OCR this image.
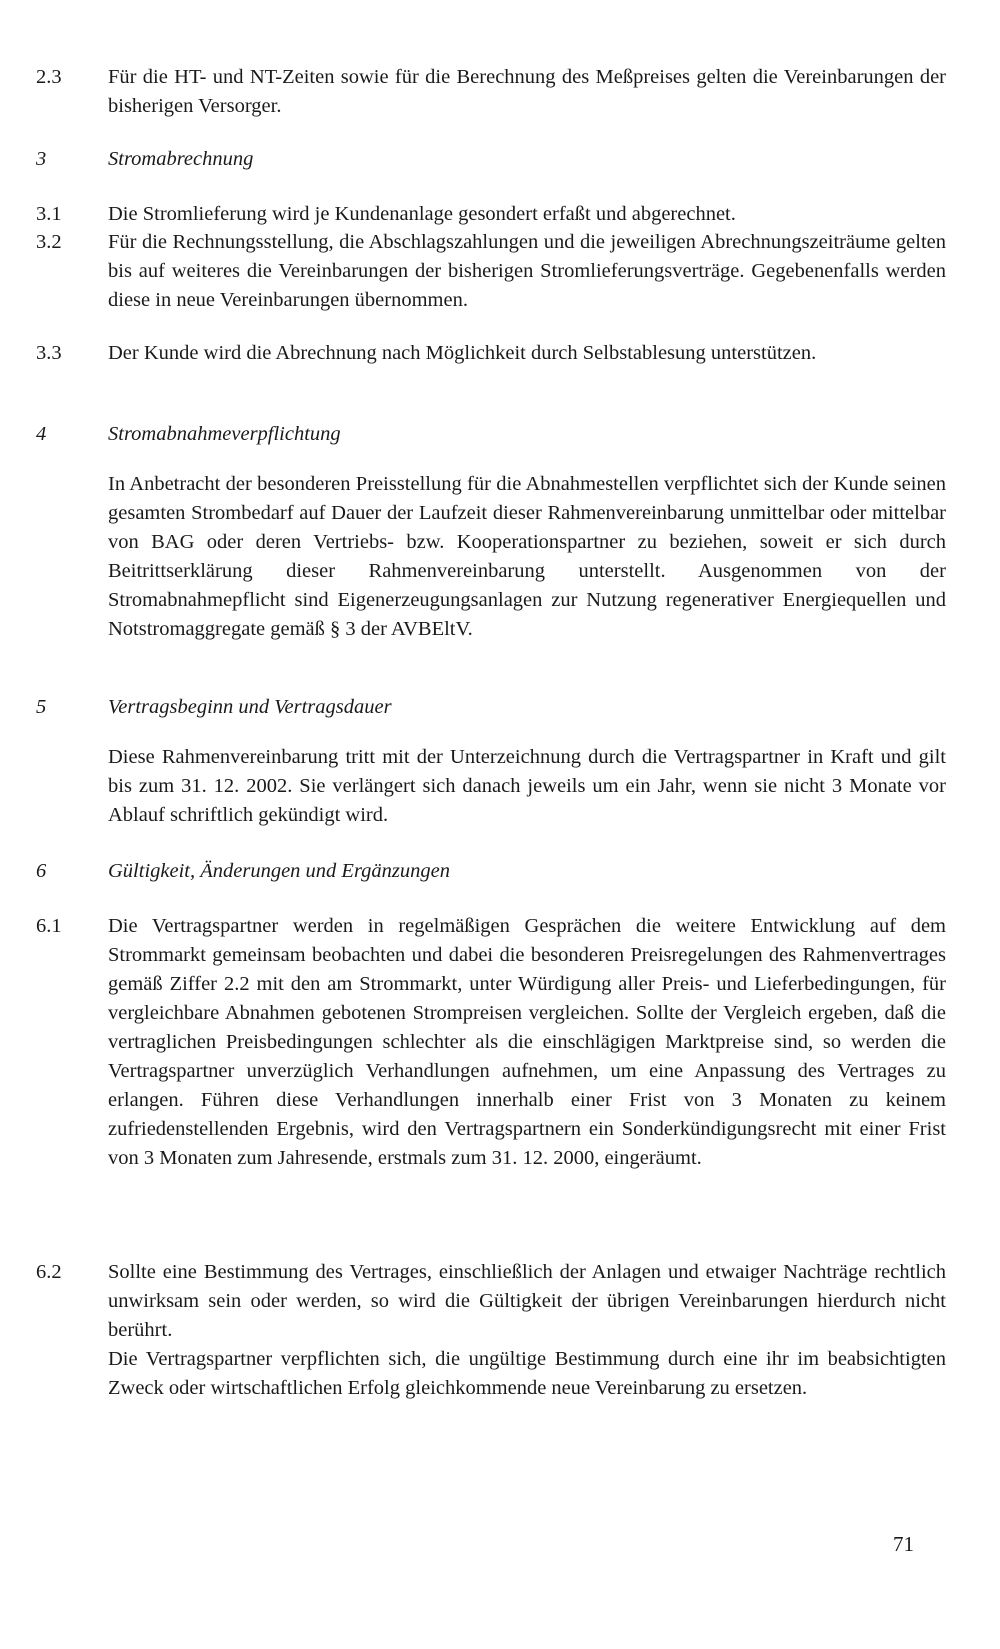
2.3	Für die HT- und NT-Zeiten sowie für die Berechnung des Meßpreises gelten die Vereinbarungen der bisherigen Versorger.
3	Stromabrechnung
3.1	Die Stromlieferung wird je Kundenanlage gesondert erfaßt und abgerechnet.
3.2	Für die Rechnungsstellung, die Abschlagszahlungen und die jeweiligen Abrechnungszeiträume gelten bis auf weiteres die Vereinbarungen der bisherigen Stromlieferungsverträge. Gegebenenfalls werden diese in neue Vereinbarungen übernommen.
3.3	Der Kunde wird die Abrechnung nach Möglichkeit durch Selbstablesung unterstützen.
4	Stromabnahmeverpflichtung
In Anbetracht der besonderen Preisstellung für die Abnahmestellen verpflichtet sich der Kunde seinen gesamten Strombedarf auf Dauer der Laufzeit dieser Rahmenvereinbarung unmittelbar oder mittelbar von BAG oder deren Vertriebs- bzw. Kooperationspartner zu beziehen, soweit er sich durch Beitrittserklärung dieser Rahmenvereinbarung unterstellt. Ausgenommen von der Stromabnahmepflicht sind Eigenerzeugungsanlagen zur Nutzung regenerativer Energiequellen und Notstromaggregate gemäß § 3 der AVBEltV.
5	Vertragsbeginn und Vertragsdauer
Diese Rahmenvereinbarung tritt mit der Unterzeichnung durch die Vertragspartner in Kraft und gilt bis zum 31. 12. 2002. Sie verlängert sich danach jeweils um ein Jahr, wenn sie nicht 3 Monate vor Ablauf schriftlich gekündigt wird.
6	Gültigkeit, Änderungen und Ergänzungen
6.1	Die Vertragspartner werden in regelmäßigen Gesprächen die weitere Entwicklung auf dem Strommarkt gemeinsam beobachten und dabei die besonderen Preisregelungen des Rahmenvertrages gemäß Ziffer 2.2 mit den am Strommarkt, unter Würdigung aller Preis- und Lieferbedingungen, für vergleichbare Abnahmen gebotenen Strompreisen vergleichen. Sollte der Vergleich ergeben, daß die vertraglichen Preisbedingungen schlechter als die einschlägigen Marktpreise sind, so werden die Vertragspartner unverzüglich Verhandlungen aufnehmen, um eine Anpassung des Vertrages zu erlangen. Führen diese Verhandlungen innerhalb einer Frist von 3 Monaten zu keinem zufriedenstellenden Ergebnis, wird den Vertragspartnern ein Sonderkündigungsrecht mit einer Frist von 3 Monaten zum Jahresende, erstmals zum 31. 12. 2000, eingeräumt.
6.2	Sollte eine Bestimmung des Vertrages, einschließlich der Anlagen und etwaiger Nachträge rechtlich unwirksam sein oder werden, so wird die Gültigkeit der übrigen Vereinbarungen hierdurch nicht berührt.
Die Vertragspartner verpflichten sich, die ungültige Bestimmung durch eine ihr im beabsichtigten Zweck oder wirtschaftlichen Erfolg gleichkommende neue Vereinbarung zu ersetzen.
71
